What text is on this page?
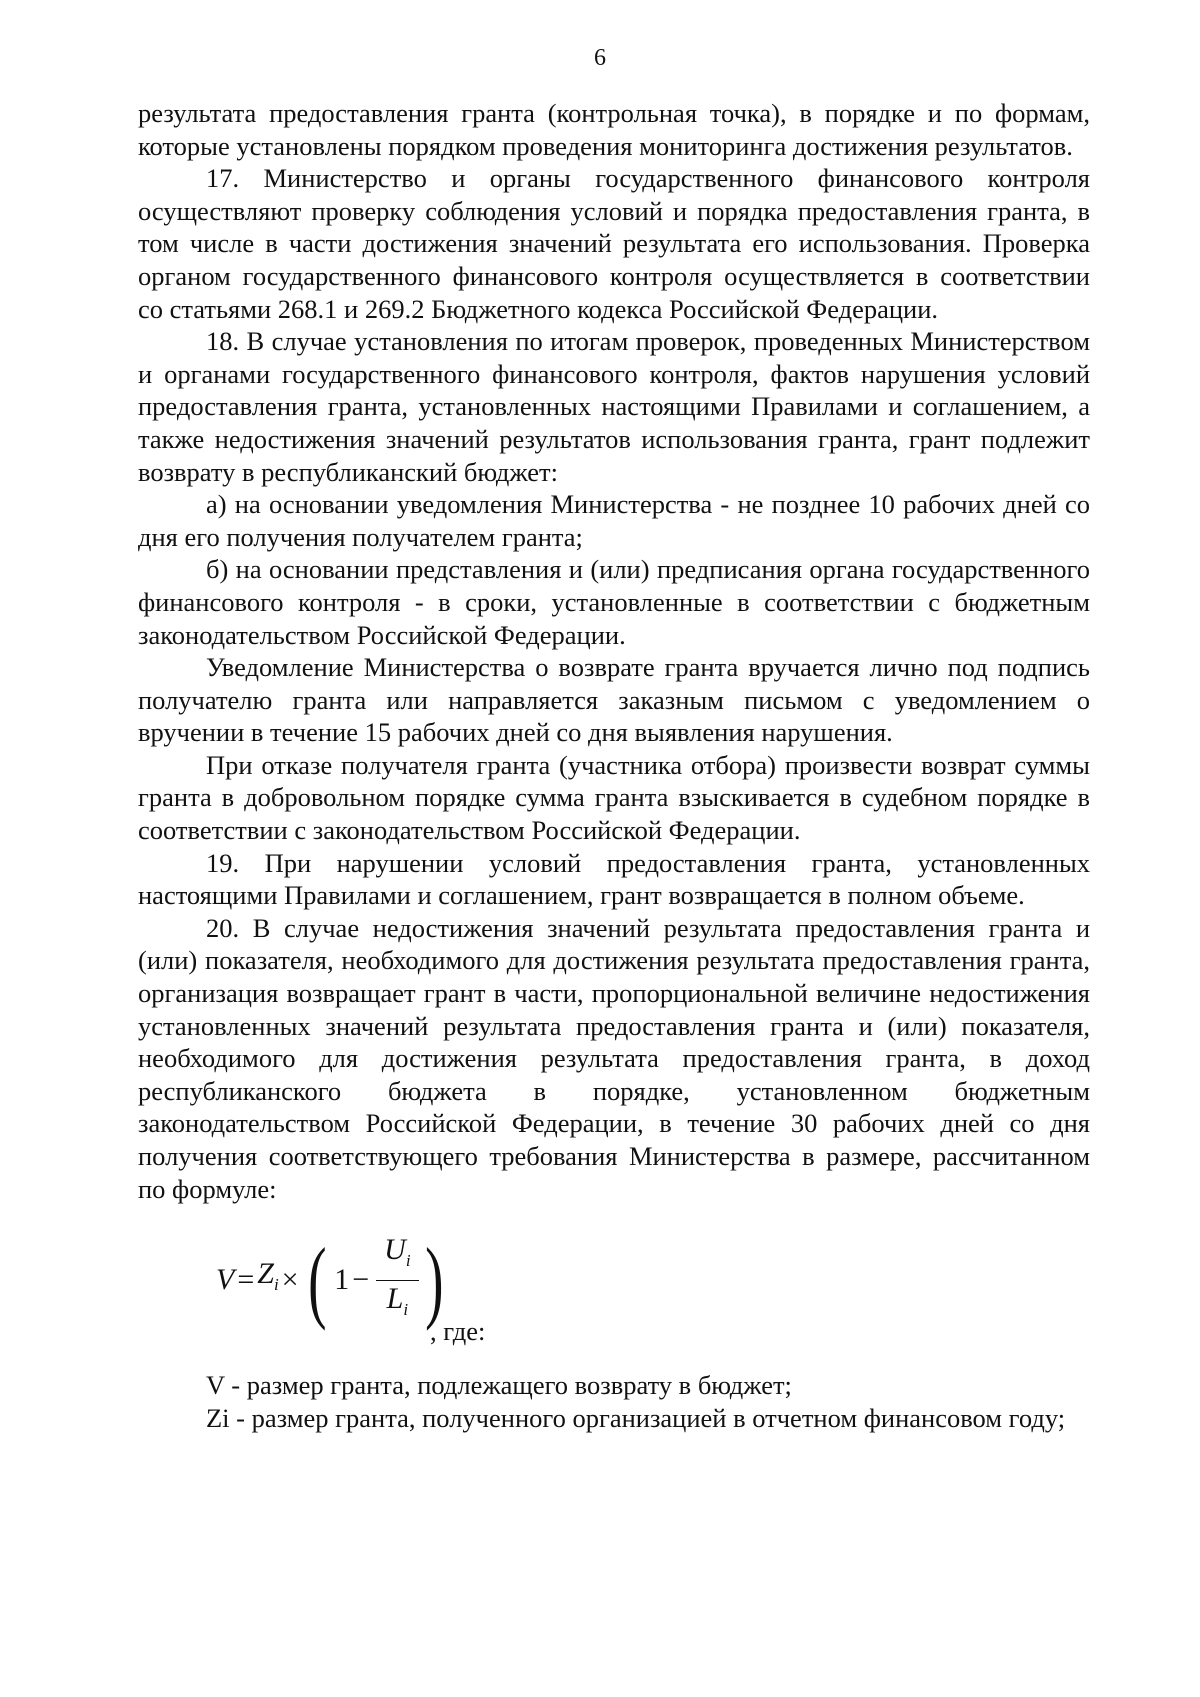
6

результата предоставления гранта (контрольная точка), в порядке и по формам, которые установлены порядком проведения мониторинга достижения результатов.

17. Министерство и органы государственного финансового контроля осуществляют проверку соблюдения условий и порядка предоставления гранта, в том числе в части достижения значений результата его использования. Проверка органом государственного финансового контроля осуществляется в соответствии со статьями 268.1 и 269.2 Бюджетного кодекса Российской Федерации.

18. В случае установления по итогам проверок, проведенных Министерством и органами государственного финансового контроля, фактов нарушения условий предоставления гранта, установленных настоящими Правилами и соглашением, а также недостижения значений результатов использования гранта, грант подлежит возврату в республиканский бюджет:

а) на основании уведомления Министерства - не позднее 10 рабочих дней со дня его получения получателем гранта;

б) на основании представления и (или) предписания органа государственного финансового контроля - в сроки, установленные в соответствии с бюджетным законодательством Российской Федерации.

Уведомление Министерства о возврате гранта вручается лично под подпись получателю гранта или направляется заказным письмом с уведомлением о вручении в течение 15 рабочих дней со дня выявления нарушения.

При отказе получателя гранта (участника отбора) произвести возврат суммы гранта в добровольном порядке сумма гранта взыскивается в судебном порядке в соответствии с законодательством Российской Федерации.

19. При нарушении условий предоставления гранта, установленных настоящими Правилами и соглашением, грант возвращается в полном объеме.

20. В случае недостижения значений результата предоставления гранта и (или) показателя, необходимого для достижения результата предоставления гранта, организация возвращает грант в части, пропорциональной величине недостижения установленных значений результата предоставления гранта и (или) показателя, необходимого для достижения результата предоставления гранта, в доход республиканского бюджета в порядке, установленном бюджетным законодательством Российской Федерации, в течение 30 рабочих дней со дня получения соответствующего требования Министерства в размере, рассчитанном по формуле:

$V = Z_i$ × ( $1 - \frac{U_i}{L_i}$ )
, где:

V - размер гранта, подлежащего возврату в бюджет;

Zi - размер гранта, полученного организацией в отчетном финансовом году;
